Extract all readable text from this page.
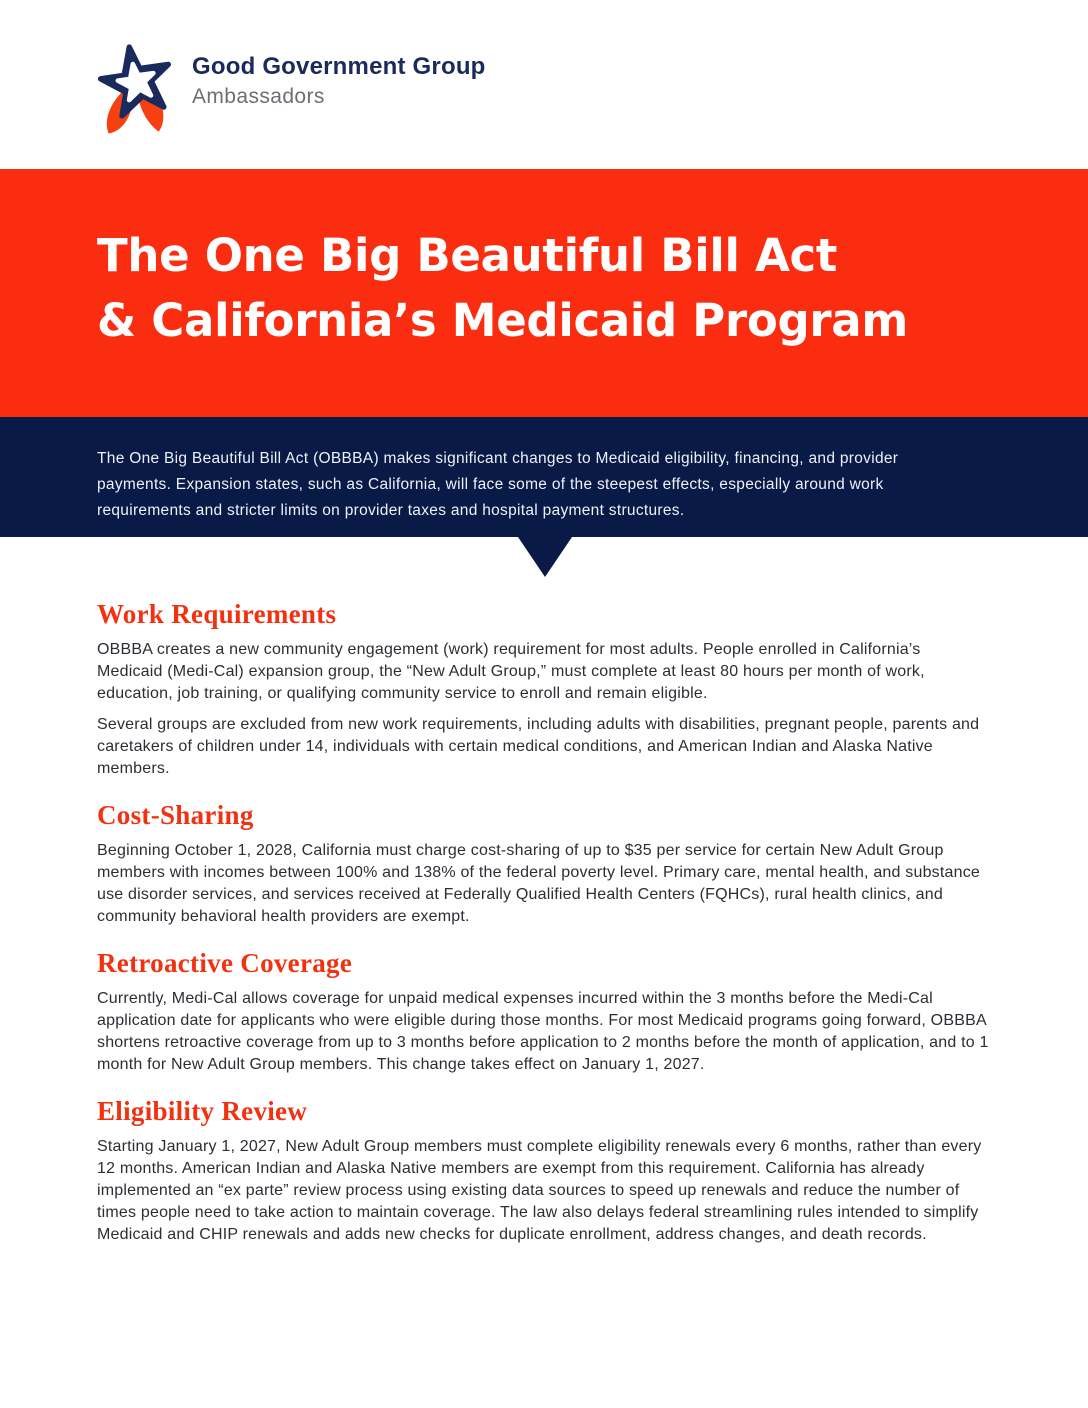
Good Government Group
Ambassadors
The One Big Beautiful Bill Act
& California’s Medicaid Program

The One Big Beautiful Bill Act (OBBBA) makes significant changes to Medicaid eligibility, financing, and provider payments. Expansion states, such as California, will face some of the steepest effects, especially around work requirements and stricter limits on provider taxes and hospital payment structures.

Work Requirements

OBBBA creates a new community engagement (work) requirement for most adults. People enrolled in California’s Medicaid (Medi-Cal) expansion group, the “New Adult Group,” must complete at least 80 hours per month of work, education, job training, or qualifying community service to enroll and remain eligible.

Several groups are excluded from new work requirements, including adults with disabilities, pregnant people, parents and caretakers of children under 14, individuals with certain medical conditions, and American Indian and Alaska Native members.

Cost-Sharing

Beginning October 1, 2028, California must charge cost-sharing of up to $35 per service for certain New Adult Group members with incomes between 100% and 138% of the federal poverty level. Primary care, mental health, and substance use disorder services, and services received at Federally Qualified Health Centers (FQHCs), rural health clinics, and community behavioral health providers are exempt.

Retroactive Coverage

Currently, Medi-Cal allows coverage for unpaid medical expenses incurred within the 3 months before the Medi-Cal application date for applicants who were eligible during those months. For most Medicaid programs going forward, OBBBA shortens retroactive coverage from up to 3 months before application to 2 months before the month of application, and to 1 month for New Adult Group members. This change takes effect on January 1, 2027.

Eligibility Review

Starting January 1, 2027, New Adult Group members must complete eligibility renewals every 6 months, rather than every 12 months. American Indian and Alaska Native members are exempt from this requirement. California has already implemented an “ex parte” review process using existing data sources to speed up renewals and reduce the number of times people need to take action to maintain coverage. The law also delays federal streamlining rules intended to simplify Medicaid and CHIP renewals and adds new checks for duplicate enrollment, address changes, and death records.
